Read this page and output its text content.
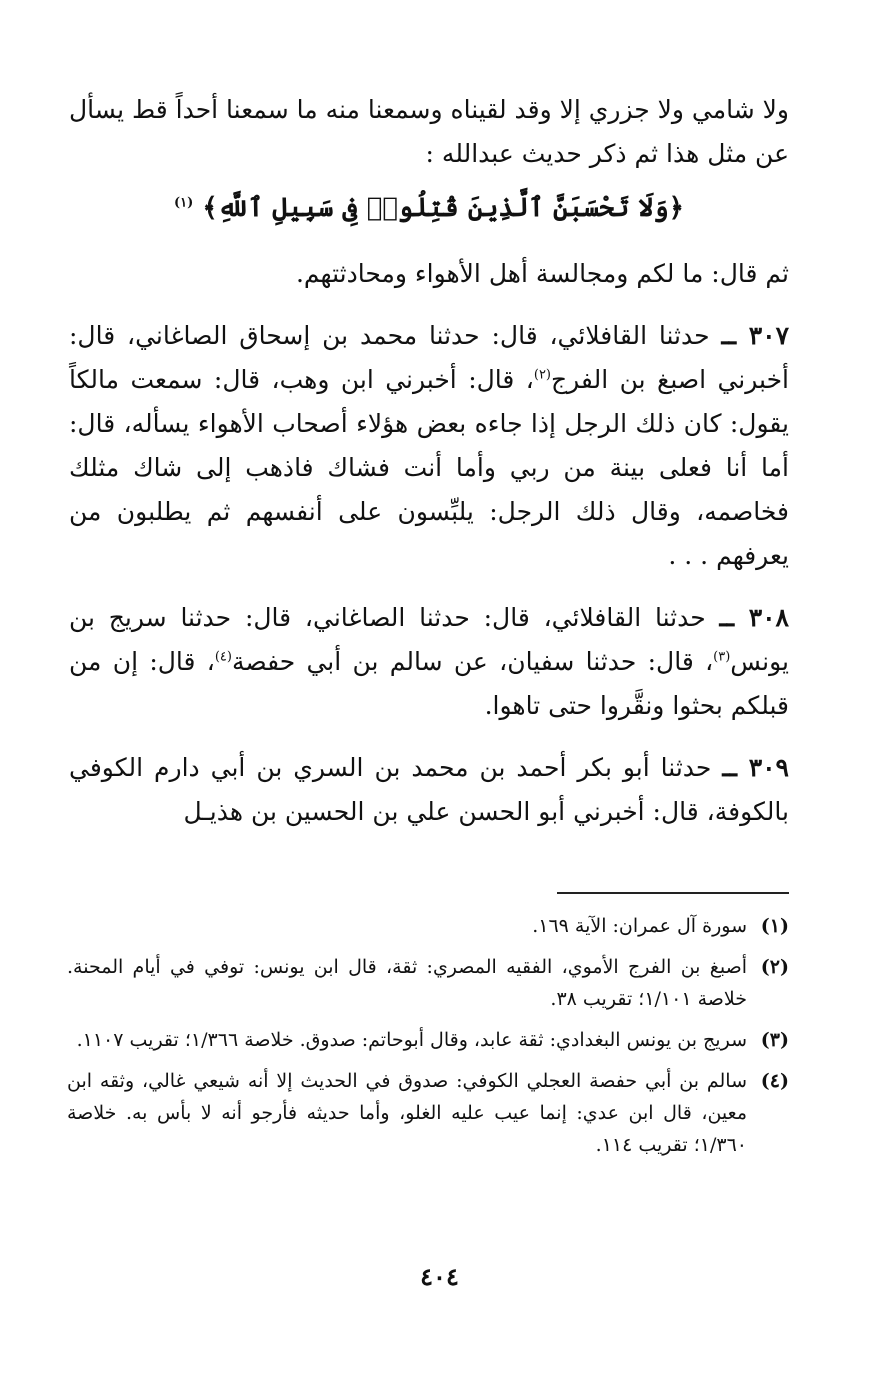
ولا شامي ولا جزري إلا وقد لقيناه وسمعنا منه ما سمعنا أحداً قط يسأل عن مثل هذا ثم ذكر حديث عبدالله :

﴿وَلَا تَحْسَبَنَّ ٱلَّذِينَ قُتِلُوا۟ فِى سَبِيلِ ٱللَّهِ﴾ $^{(١)}$

ثم قال: ما لكم ومجالسة أهل الأهواء ومحادثتهم.

٣٠٧ ــ حدثنا القافلائي، قال: حدثنا محمد بن إسحاق الصاغاني، قال: أخبرني اصبغ بن الفرج$^{(٢)}$، قال: أخبرني ابن وهب، قال: سمعت مالكاً يقول: كان ذلك الرجل إذا جاءه بعض هؤلاء أصحاب الأهواء يسأله، قال: أما أنا فعلى بينة من ربي وأما أنت فشاك فاذهب إلى شاك مثلك فخاصمه، وقال ذلك الرجل: يلبِّسون على أنفسهم ثم يطلبون من يعرفهم . . .

٣٠٨ ــ حدثنا القافلائي، قال: حدثنا الصاغاني، قال: حدثنا سريج بن يونس$^{(٣)}$، قال: حدثنا سفيان، عن سالم بن أبي حفصة$^{(٤)}$، قال: إن من قبلكم بحثوا ونقَّروا حتى تاهوا.

٣٠٩ ــ حدثنا أبو بكر أحمد بن محمد بن السري بن أبي دارم الكوفي بالكوفة، قال: أخبرني أبو الحسن علي بن الحسين بن هذيـل

(١)
سورة آل عمران: الآية ١٦٩.
(٢)
أصبغ بن الفرج الأموي، الفقيه المصري: ثقة، قال ابن يونس: توفي في أيام المحنة. خلاصة ١/١٠١؛ تقريب ٣٨.
(٣)
سريج بن يونس البغدادي: ثقة عابد، وقال أبوحاتم: صدوق. خلاصة ١/٣٦٦؛ تقريب ١١٠٧.
(٤)
سالم بن أبي حفصة العجلي الكوفي: صدوق في الحديث إلا أنه شيعي غالي، وثقه ابن معين، قال ابن عدي: إنما عيب عليه الغلو، وأما حديثه فأرجو أنه لا بأس به. خلاصة ١/٣٦٠؛ تقريب ١١٤.
٤٠٤
